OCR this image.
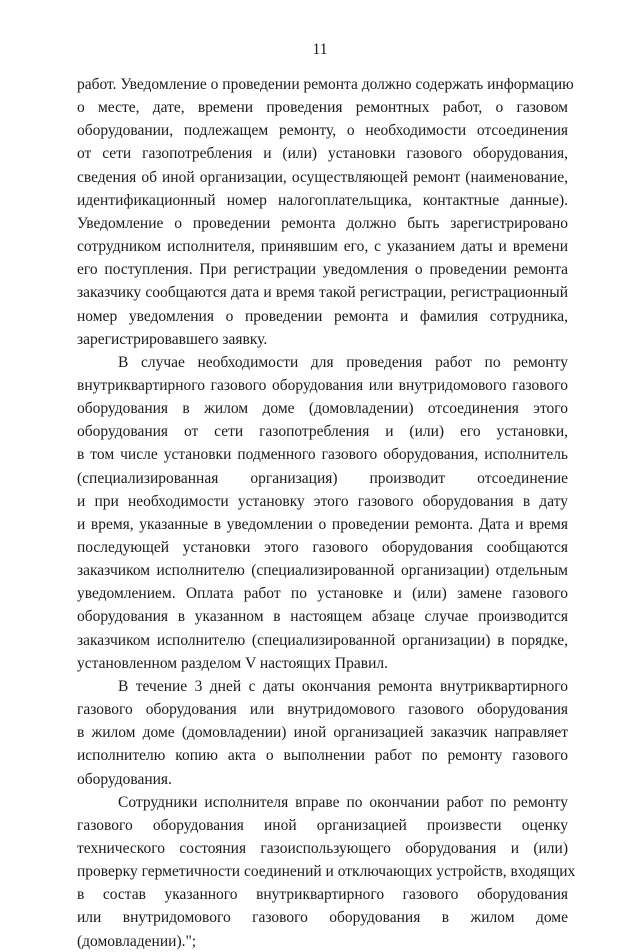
11
работ. Уведомление о проведении ремонта должно содержать информацию
о месте, дате, времени проведения ремонтных работ, о газовом
оборудовании, подлежащем ремонту, о необходимости отсоединения
от сети газопотребления и (или) установки газового оборудования,
сведения об иной организации, осуществляющей ремонт (наименование,
идентификационный номер налогоплательщика, контактные данные).
Уведомление о проведении ремонта должно быть зарегистрировано
сотрудником исполнителя, принявшим его, с указанием даты и времени
его поступления. При регистрации уведомления о проведении ремонта
заказчику сообщаются дата и время такой регистрации, регистрационный
номер уведомления о проведении ремонта и фамилия сотрудника,
зарегистрировавшего заявку.
В случае необходимости для проведения работ по ремонту
внутриквартирного газового оборудования или внутридомового газового
оборудования в жилом доме (домовладении) отсоединения этого
оборудования от сети газопотребления и (или) его установки,
в том числе установки подменного газового оборудования, исполнитель
(специализированная организация) производит отсоединение
и при необходимости установку этого газового оборудования в дату
и время, указанные в уведомлении о проведении ремонта. Дата и время
последующей установки этого газового оборудования сообщаются
заказчиком исполнителю (специализированной организации) отдельным
уведомлением. Оплата работ по установке и (или) замене газового
оборудования в указанном в настоящем абзаце случае производится
заказчиком исполнителю (специализированной организации) в порядке,
установленном разделом V настоящих Правил.
В течение 3 дней с даты окончания ремонта внутриквартирного
газового оборудования или внутридомового газового оборудования
в жилом доме (домовладении) иной организацией заказчик направляет
исполнителю копию акта о выполнении работ по ремонту газового
оборудования.
Сотрудники исполнителя вправе по окончании работ по ремонту
газового оборудования иной организацией произвести оценку
технического состояния газоиспользующего оборудования и (или)
проверку герметичности соединений и отключающих устройств, входящих
в состав указанного внутриквартирного газового оборудования
или внутридомового газового оборудования в жилом доме
(домовладении).";
